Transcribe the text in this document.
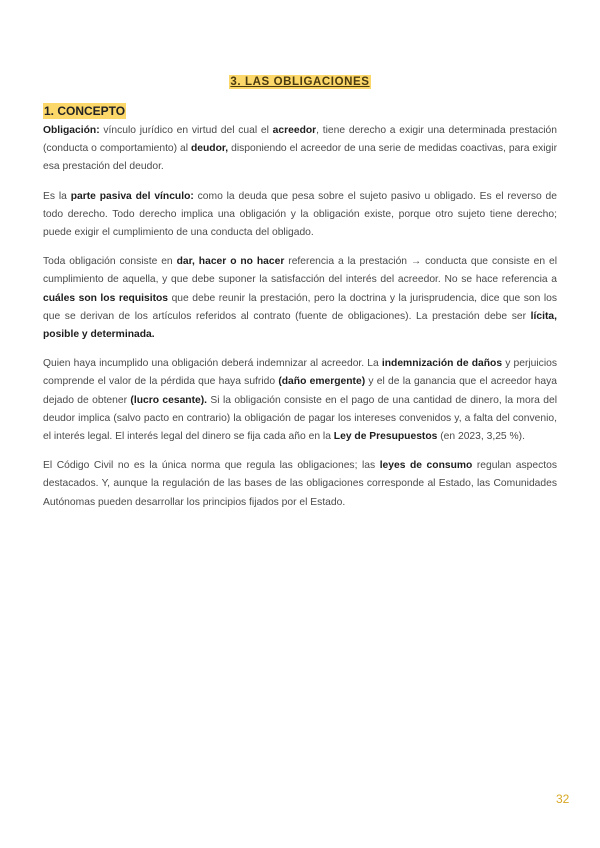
3. LAS OBLIGACIONES
1. CONCEPTO

Obligación: vínculo jurídico en virtud del cual el acreedor, tiene derecho a exigir una determinada prestación (conducta o comportamiento) al deudor, disponiendo el acreedor de una serie de medidas coactivas, para exigir esa prestación del deudor.

Es la parte pasiva del vínculo: como la deuda que pesa sobre el sujeto pasivo u obligado. Es el reverso de todo derecho. Todo derecho implica una obligación y la obligación existe, porque otro sujeto tiene derecho; puede exigir el cumplimiento de una conducta del obligado.

Toda obligación consiste en dar, hacer o no hacer referencia a la prestación → conducta que consiste en el cumplimiento de aquella, y que debe suponer la satisfacción del interés del acreedor. No se hace referencia a cuáles son los requisitos que debe reunir la prestación, pero la doctrina y la jurisprudencia, dice que son los que se derivan de los artículos referidos al contrato (fuente de obligaciones). La prestación debe ser lícita, posible y determinada.

Quien haya incumplido una obligación deberá indemnizar al acreedor. La indemnización de daños y perjuicios comprende el valor de la pérdida que haya sufrido (daño emergente) y el de la ganancia que el acreedor haya dejado de obtener (lucro cesante). Si la obligación consiste en el pago de una cantidad de dinero, la mora del deudor implica (salvo pacto en contrario) la obligación de pagar los intereses convenidos y, a falta del convenio, el interés legal. El interés legal del dinero se fija cada año en la Ley de Presupuestos (en 2023, 3,25 %).

El Código Civil no es la única norma que regula las obligaciones; las leyes de consumo regulan aspectos destacados. Y, aunque la regulación de las bases de las obligaciones corresponde al Estado, las Comunidades Autónomas pueden desarrollar los principios fijados por el Estado.

32
